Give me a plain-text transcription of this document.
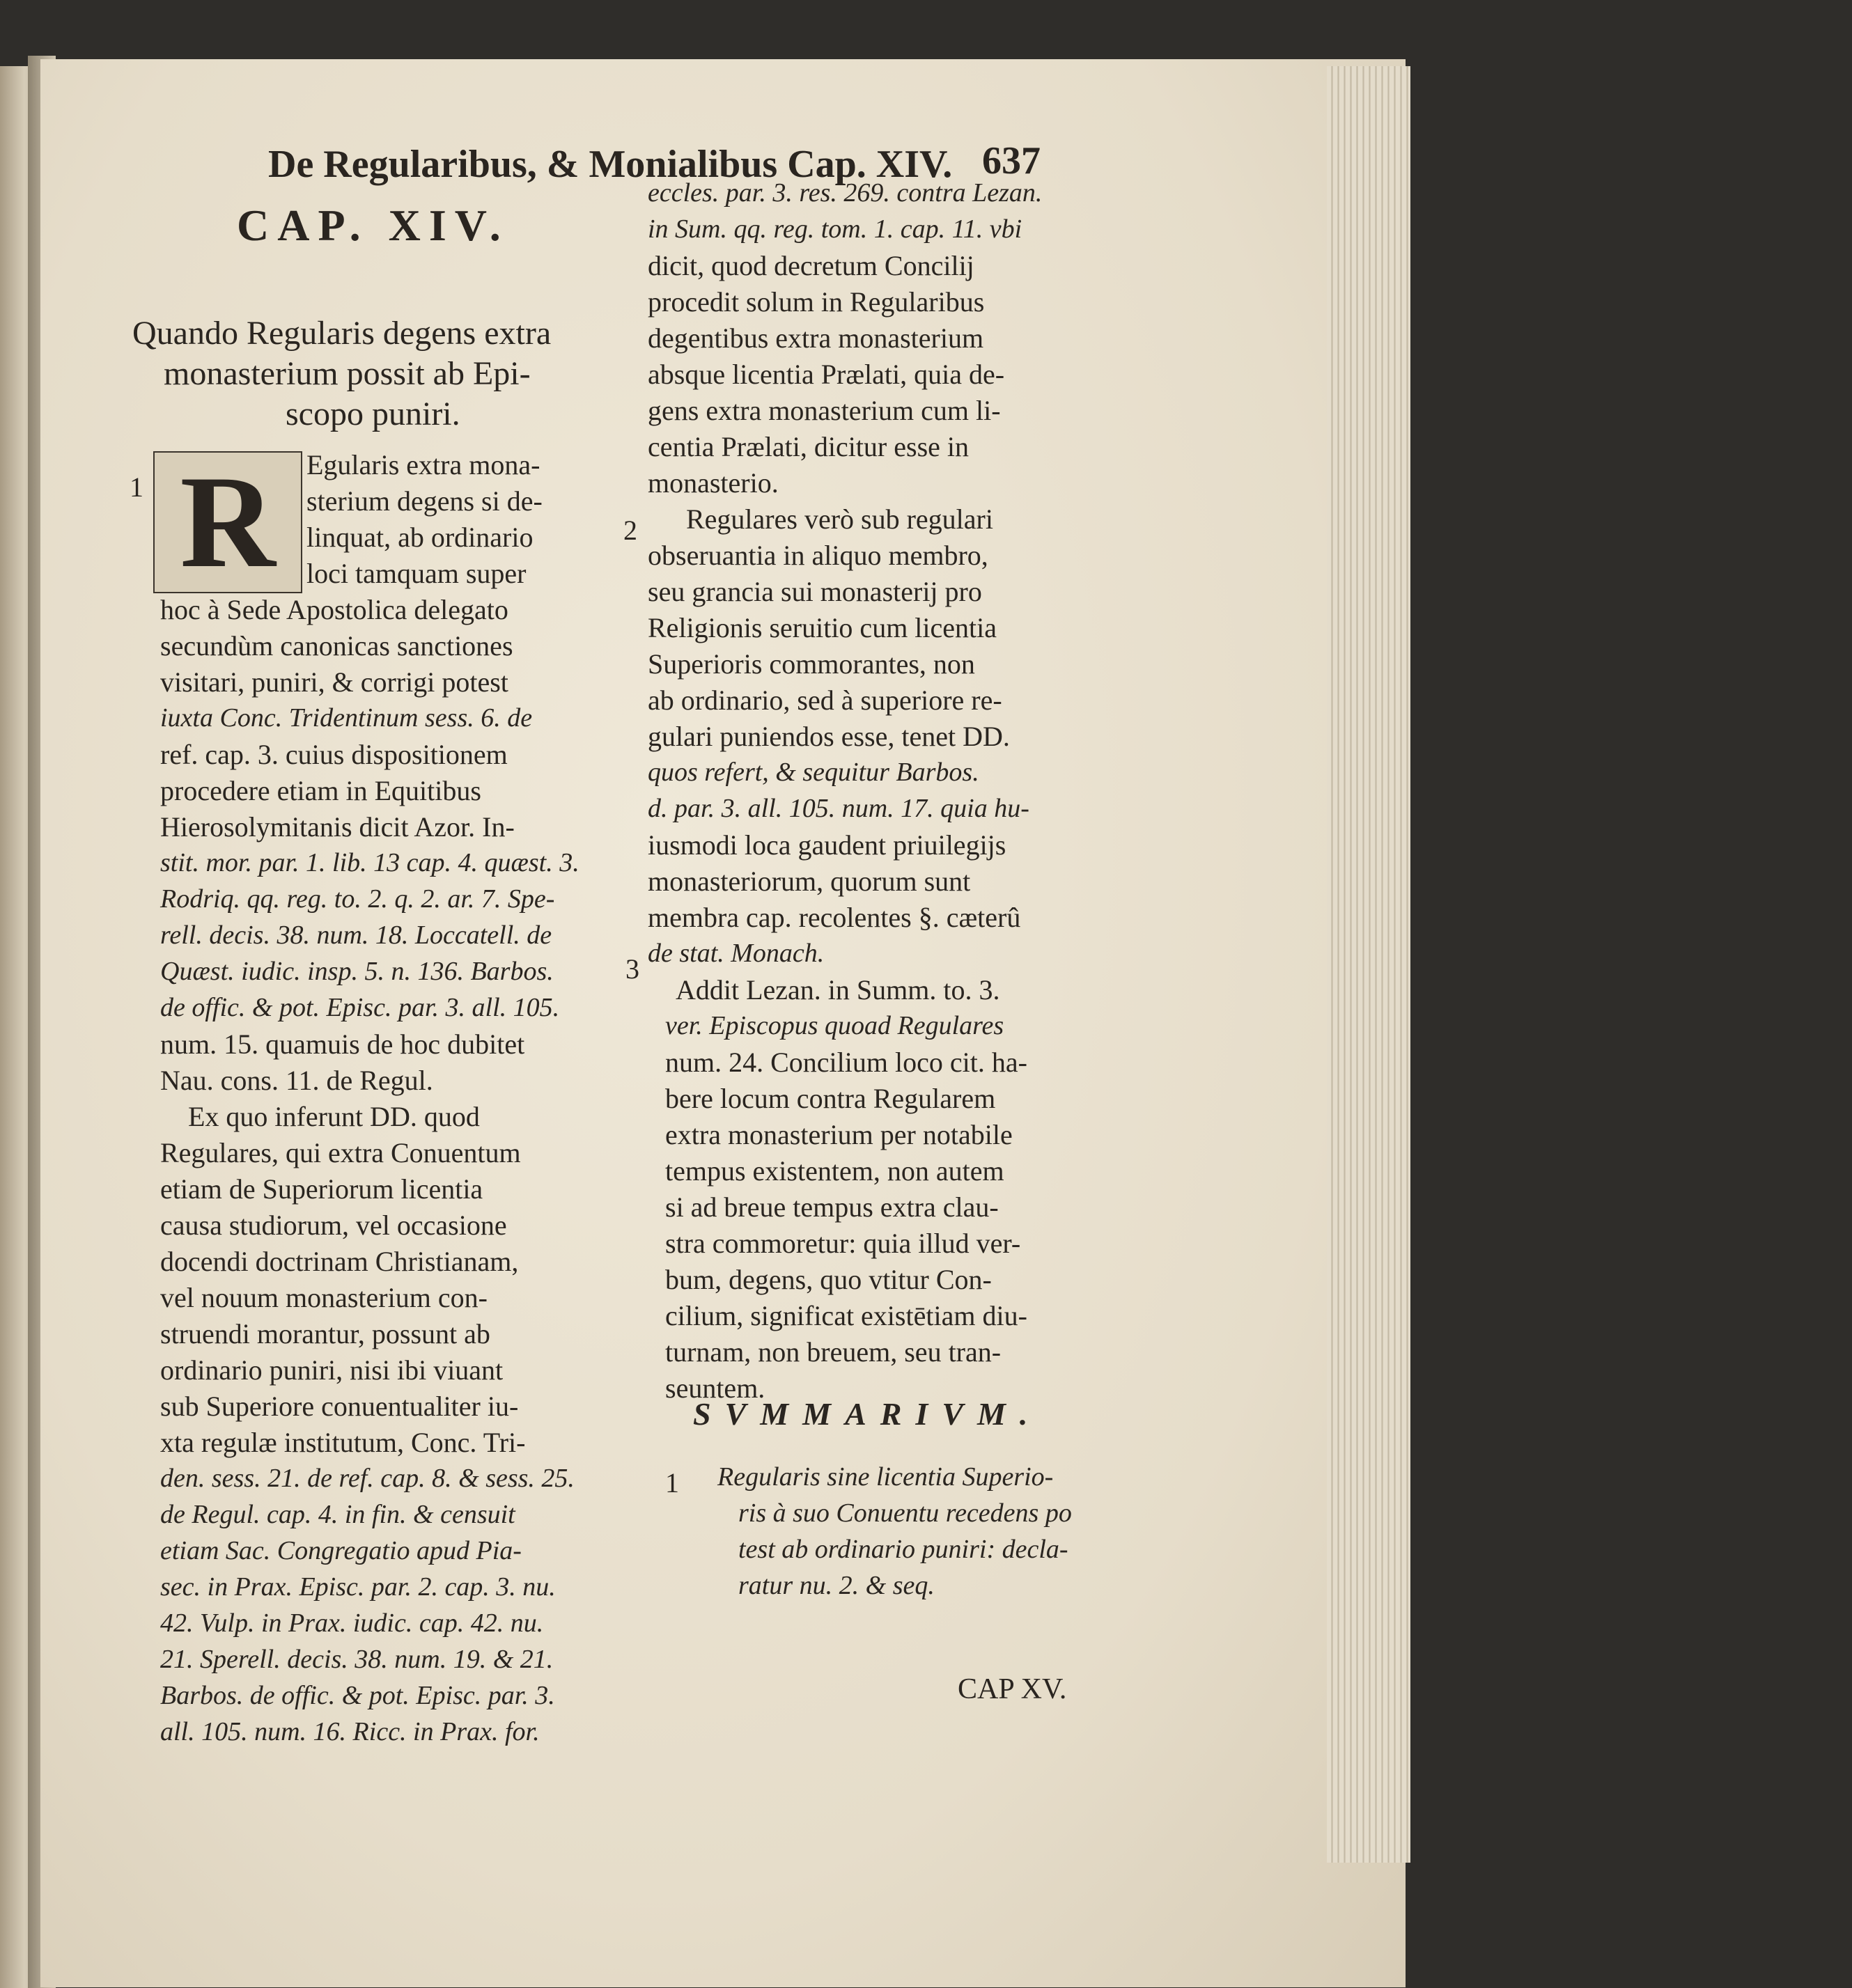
De Regularibus, & Monialibus Cap. XIV. 637
CAP. XIV.
Quando Regularis degens extra
monasterium possit ab Epi-
scopo puniri.
R
1
3
2
Egularis extra mona-
sterium degens si de-
linquat, ab ordinario
loci tamquam super
hoc à Sede Apostolica delegato
secundùm canonicas sanctiones
visitari, puniri, & corrigi potest
iuxta Conc. Tridentinum sess. 6. de
ref. cap. 3. cuius dispositionem
procedere etiam in Equitibus
Hierosolymitanis dicit Azor. In-
stit. mor. par. 1. lib. 13 cap. 4. quæst. 3.
Rodriq. qq. reg. to. 2. q. 2. ar. 7. Spe-
rell. decis. 38. num. 18. Loccatell. de
Quæst. iudic. insp. 5. n. 136. Barbos.
de offic. & pot. Episc. par. 3. all. 105.
num. 15. quamuis de hoc dubitet
Nau. cons. 11. de Regul.
Ex quo inferunt DD. quod
Regulares, qui extra Conuentum
etiam de Superiorum licentia
causa studiorum, vel occasione
docendi doctrinam Christianam,
vel nouum monasterium con-
struendi morantur, possunt ab
ordinario puniri, nisi ibi viuant
sub Superiore conuentualiter iu-
xta regulæ institutum, Conc. Tri-
den. sess. 21. de ref. cap. 8. & sess. 25.
de Regul. cap. 4. in fin. & censuit
etiam Sac. Congregatio apud Pia-
sec. in Prax. Episc. par. 2. cap. 3. nu.
42. Vulp. in Prax. iudic. cap. 42. nu.
21. Sperell. decis. 38. num. 19. & 21.
Barbos. de offic. & pot. Episc. par. 3.
all. 105. num. 16. Ricc. in Prax. for.
eccles. par. 3. res. 269. contra Lezan.
in Sum. qq. reg. tom. 1. cap. 11. vbi
dicit, quod decretum Concilij
procedit solum in Regularibus
degentibus extra monasterium
absque licentia Prælati, quia de-
gens extra monasterium cum li-
centia Prælati, dicitur esse in
monasterio.
Regulares verò sub regulari
obseruantia in aliquo membro,
seu grancia sui monasterij pro
Religionis seruitio cum licentia
Superioris commorantes, non
ab ordinario, sed à superiore re-
gulari puniendos esse, tenet DD.
quos refert, & sequitur Barbos.
d. par. 3. all. 105. num. 17. quia hu-
iusmodi loca gaudent priuilegijs
monasteriorum, quorum sunt
membra cap. recolentes §. cæterû
de stat. Monach.
Addit Lezan. in Summ. to. 3.
ver. Episcopus quoad Regulares
num. 24. Concilium loco cit. ha-
bere locum contra Regularem
extra monasterium per notabile
tempus existentem, non autem
si ad breue tempus extra clau-
stra commoretur: quia illud ver-
bum, degens, quo vtitur Con-
cilium, significat existētiam diu-
turnam, non breuem, seu tran-
seuntem.
SVMMARIVM.
1 Regularis sine licentia Superio-
ris à suo Conuentu recedens po
test ab ordinario puniri: decla-
ratur nu. 2. & seq.
CAP XV.
